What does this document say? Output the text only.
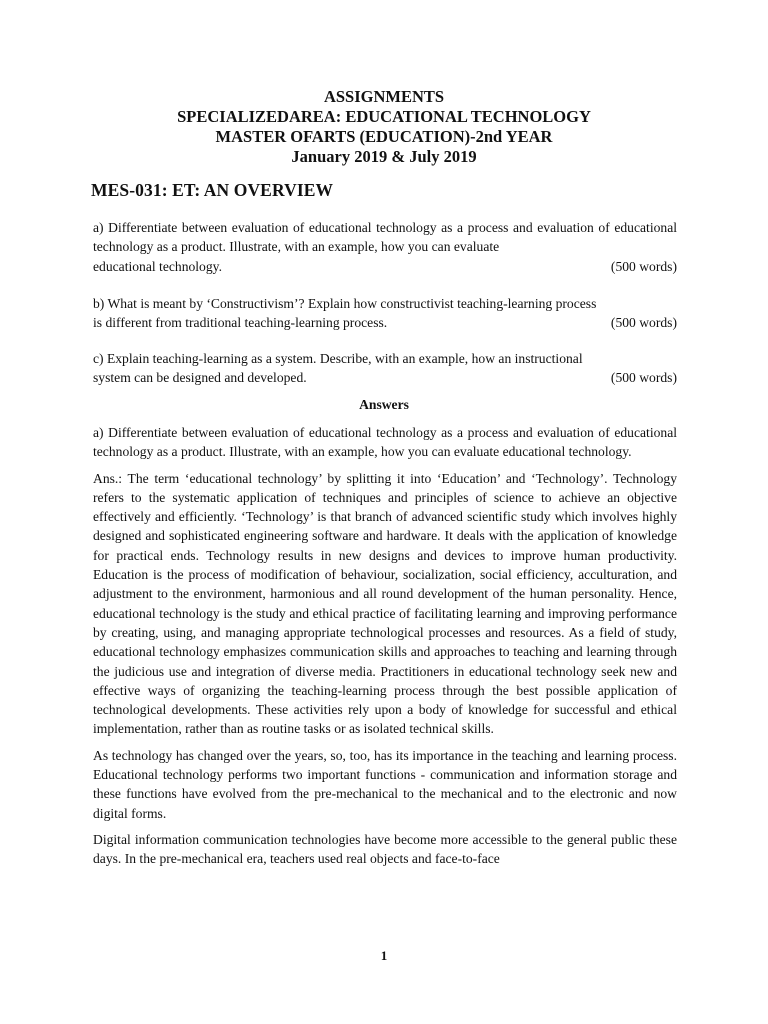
ASSIGNMENTS
SPECIALIZEDAREA: EDUCATIONAL TECHNOLOGY
MASTER OFARTS (EDUCATION)-2nd YEAR
January 2019 & July 2019
MES-031: ET: AN OVERVIEW
a) Differentiate between evaluation of educational technology as a process and evaluation of educational technology as a product. Illustrate, with an example, how you can evaluate
educational technology.	(500 words)
b) What is meant by ‘Constructivism’? Explain how constructivist teaching-learning process
is different from traditional teaching-learning process.	(500 words)
c) Explain teaching-learning as a system. Describe, with an example, how an instructional
system can be designed and developed.	(500 words)
Answers

a) Differentiate between evaluation of educational technology as a process and evaluation of educational technology as a product. Illustrate, with an example, how you can evaluate educational technology.

Ans.: The term ‘educational technology’ by splitting it into ‘Education’ and ‘Technology’. Technology refers to the systematic application of techniques and principles of science to achieve an objective effectively and efficiently. ‘Technology’ is that branch of advanced scientific study which involves highly designed and sophisticated engineering software and hardware. It deals with the application of knowledge for practical ends. Technology results in new designs and devices to improve human productivity. Education is the process of modification of behaviour, socialization, social efficiency, acculturation, and adjustment to the environment, harmonious and all round development of the human personality. Hence, educational technology is the study and ethical practice of facilitating learning and improving performance by creating, using, and managing appropriate technological processes and resources. As a field of study, educational technology emphasizes communication skills and approaches to teaching and learning through the judicious use and integration of diverse media. Practitioners in educational technology seek new and effective ways of organizing the teaching-learning process through the best possible application of technological developments. These activities rely upon a body of knowledge for successful and ethical implementation, rather than as routine tasks or as isolated technical skills.

As technology has changed over the years, so, too, has its importance in the teaching and learning process. Educational technology performs two important functions - communication and information storage and these functions have evolved from the pre-mechanical to the mechanical and to the electronic and now digital forms.

Digital information communication technologies have become more accessible to the general public these days. In the pre-mechanical era, teachers used real objects and face-to-face

1
